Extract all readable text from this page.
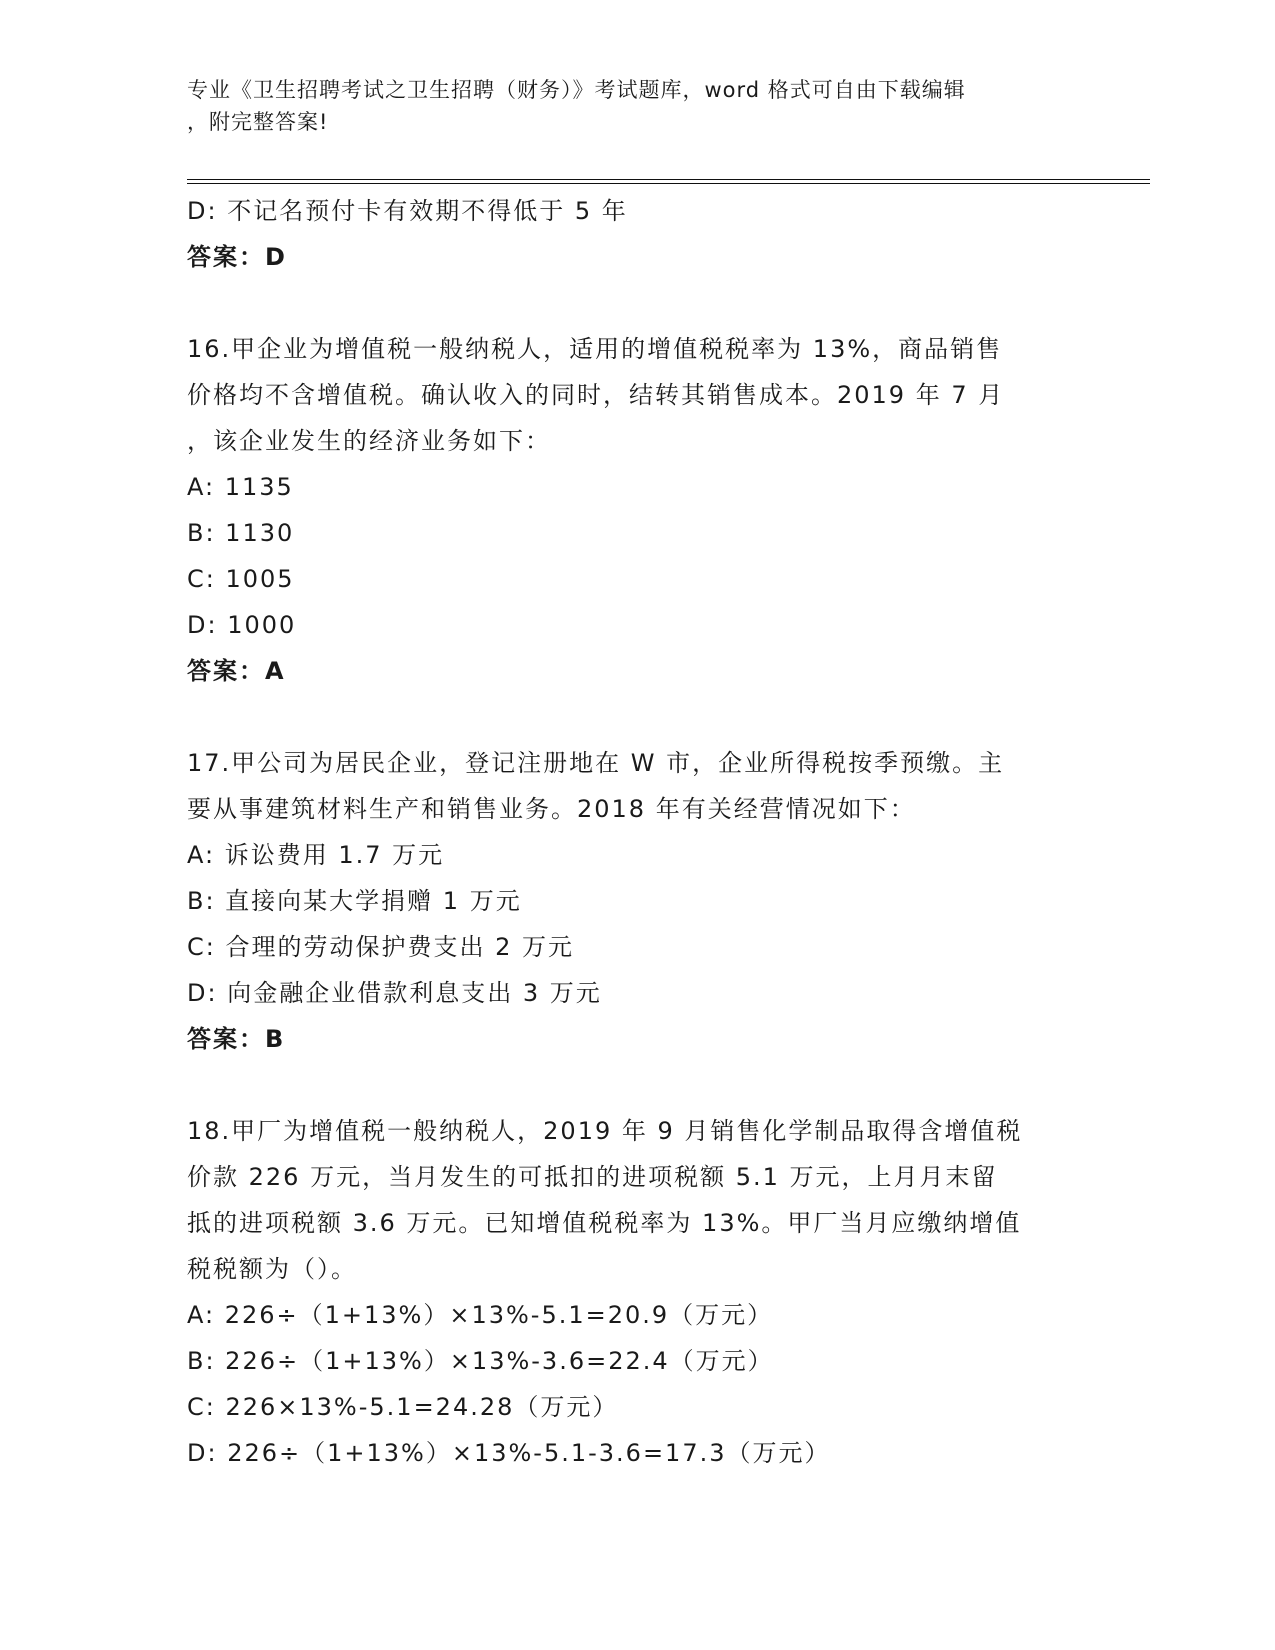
专业《卫生招聘考试之卫生招聘（财务）》考试题库，word 格式可自由下载编辑

，附完整答案!

D: 不记名预付卡有效期不得低于 5 年

答案：D

16.甲企业为增值税一般纳税人，适用的增值税税率为 13%，商品销售

价格均不含增值税。确认收入的同时，结转其销售成本。2019 年 7 月

，该企业发生的经济业务如下：

A: 1135

B: 1130

C: 1005

D: 1000

答案：A

17.甲公司为居民企业，登记注册地在 W 市，企业所得税按季预缴。主

要从事建筑材料生产和销售业务。2018 年有关经营情况如下：

A: 诉讼费用 1.7 万元

B: 直接向某大学捐赠 1 万元

C: 合理的劳动保护费支出 2 万元

D: 向金融企业借款利息支出 3 万元

答案：B

18.甲厂为增值税一般纳税人，2019 年 9 月销售化学制品取得含增值税

价款 226 万元，当月发生的可抵扣的进项税额 5.1 万元，上月月末留

抵的进项税额 3.6 万元。已知增值税税率为 13%。甲厂当月应缴纳增值

税税额为（）。

A: 226÷（1+13%）×13%-5.1=20.9（万元）

B: 226÷（1+13%）×13%-3.6=22.4（万元）

C: 226×13%-5.1=24.28（万元）

D: 226÷（1+13%）×13%-5.1-3.6=17.3（万元）
